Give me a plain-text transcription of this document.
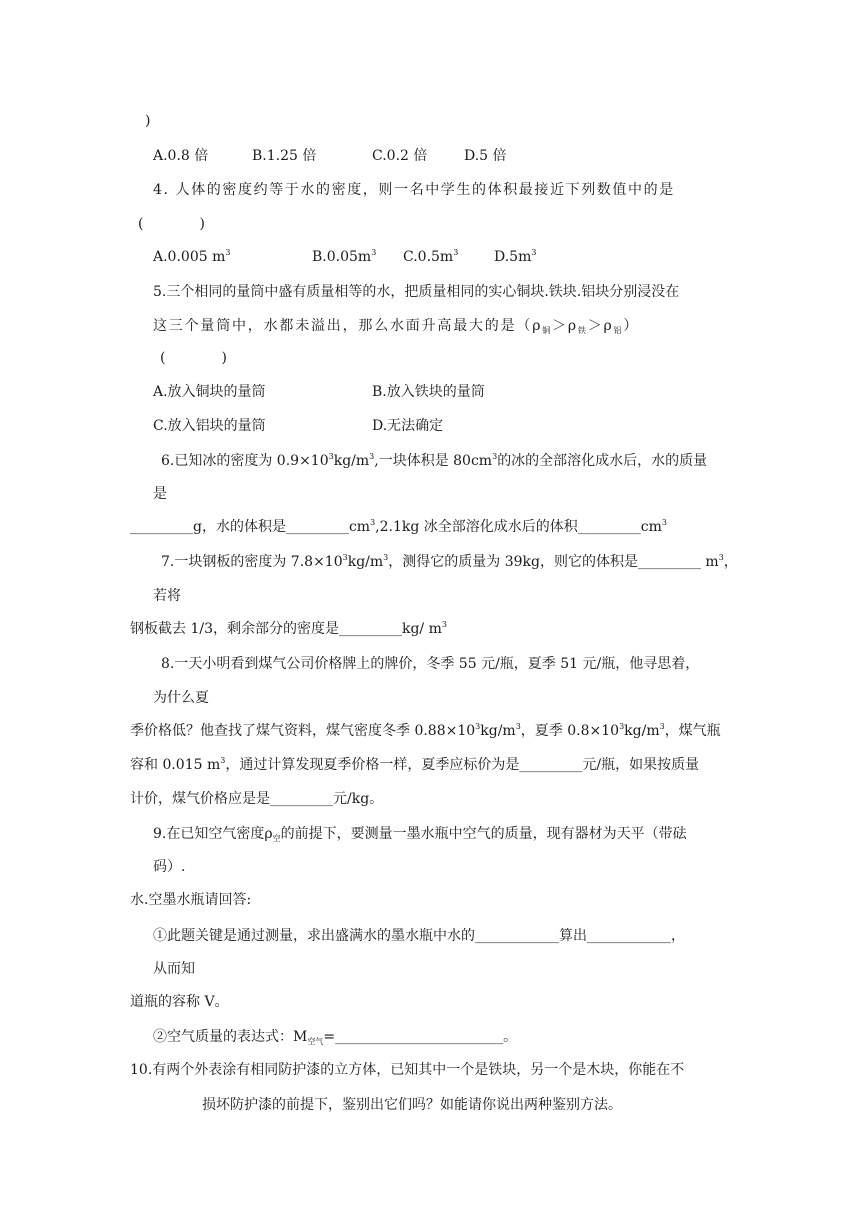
)
A.0.8 倍	B.1.25 倍	C.0.2 倍	D.5 倍
4. 人体的密度约等于水的密度，则一名中学生的体积最接近下列数值中的是
(　　　　)
A.0.005 $m^3$	$B.0.05m^3$ $C.0.5m^3$	$D.5m^3$
5.三个相同的量筒中盛有质量相等的水，把质量相同的实心铜块.铁块.铝块分别浸没在
这三个量筒中，水都未溢出，那么水面升高最大的是$(\rho_铜>\rho_铁>\rho_铝)$
(　　　　)
A.放入铜块的量筒	B.放入铁块的量筒
C.放入铝块的量筒	D.无法确定
6.已知冰的密度为 $0.9\times 10^3kg/m^3$,一块体积是 $80cm^3$的冰的全部溶化成水后，水的质量
是
_________g，水的体积是$\_\_\_\_\_\_\_\_\_cm^3,2.1kg$ 冰全部溶化成水后的体积$\_\_\_\_\_\_\_\_\_cm^3$
7.一块钢板的密度为 $7.8\times 10^3kg/m^3$，测得它的质量为 39kg，则它的体积是_________ $m^3$，
若将
钢板截去 1/3，剩余部分的密度是_________kg/ $m^3$
8.一天小明看到煤气公司价格牌上的牌价，冬季 55 元/瓶，夏季 51 元/瓶，他寻思着，
为什么夏
季价格低？他查找了煤气资料，煤气密度冬季 $0.88\times 10^3kg/m^3$，夏季 $0.8\times 10^3kg/m^3$，煤气瓶
容和 0.015 $m^3$，通过计算发现夏季价格一样，夏季应标价为是_________元/瓶，如果按质量
计价，煤气价格应是是_________元/kg。
9.在已知空气密度$\rho_空$的前提下，要测量一墨水瓶中空气的质量，现有器材为天平（带砝
码）.
水.空墨水瓶请回答:
①此题关键是通过测量，求出盛满水的墨水瓶中水的____________算出____________，
从而知
道瓶的容称 V。
②空气质量的表达式：$M_{空气}=\_\_\_\_\_\_\_\_\_\_\_\_\_\_\_\_\_\_\_\_\_\_\_\_$。
10.有两个外表涂有相同防护漆的立方体，已知其中一个是铁块，另一个是木块，你能在不
损坏防护漆的前提下，鉴别出它们吗？如能请你说出两种鉴别方法。
